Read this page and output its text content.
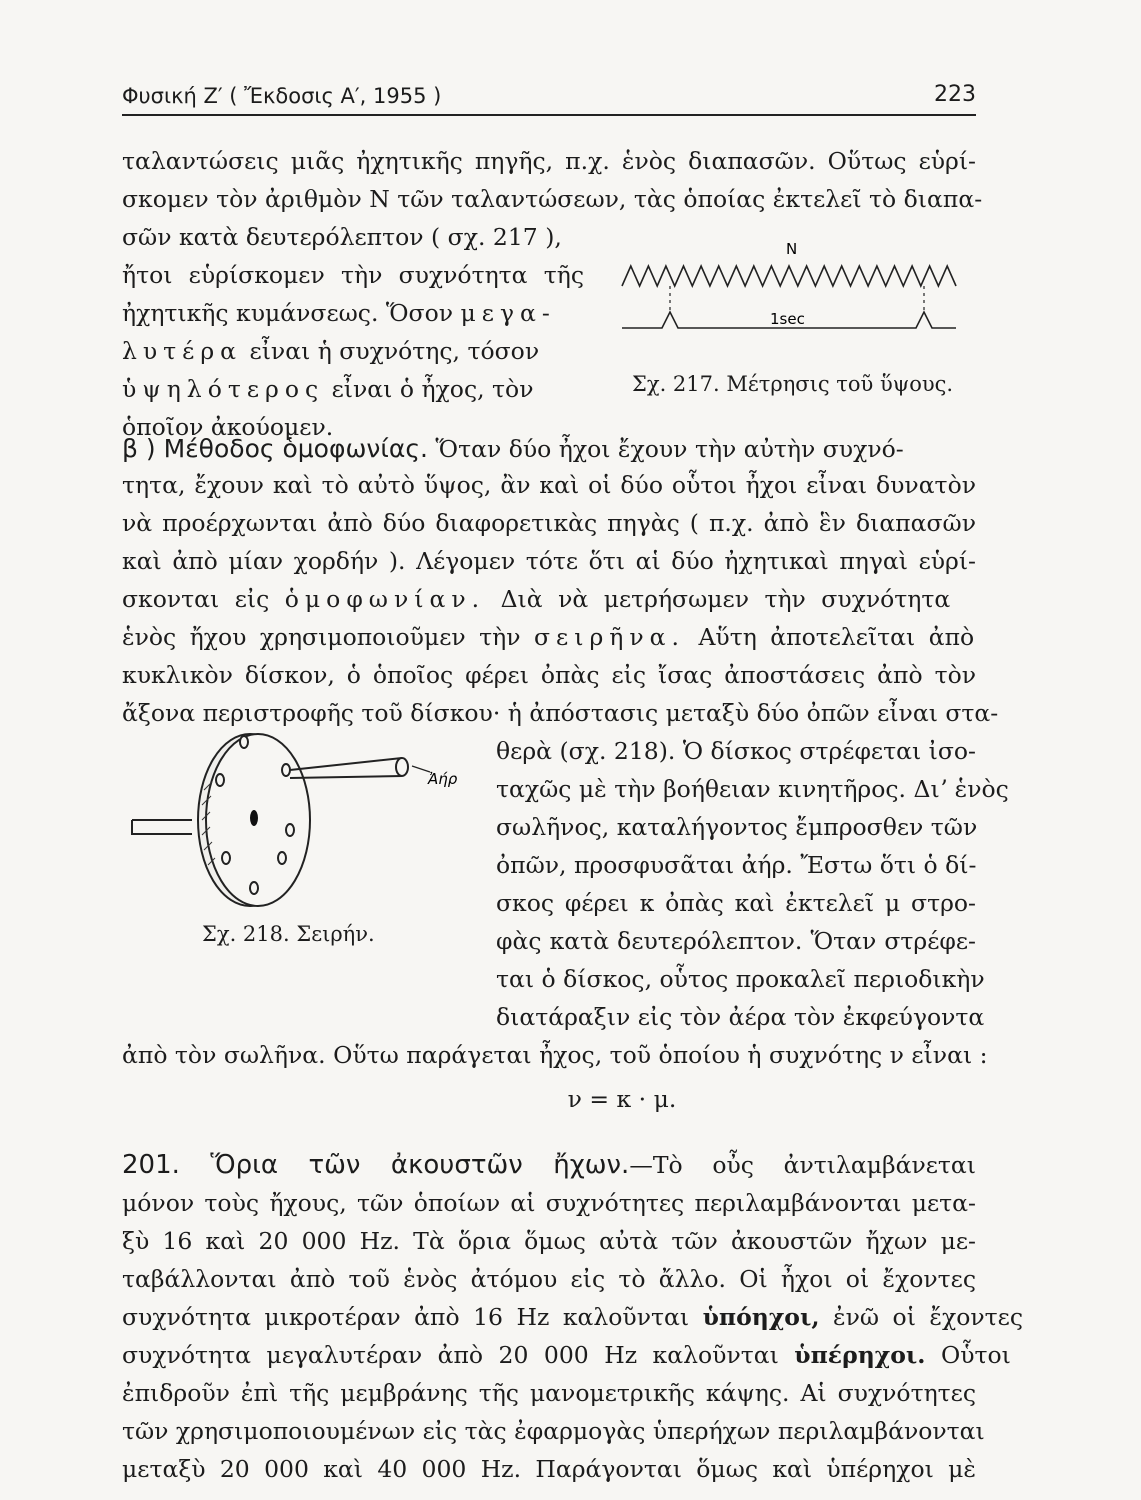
Φυσική Ζ′ ( Ἔκδοσις Α′, 1955 )	223
ταλαντώσεις μιᾶς ἠχητικῆς πηγῆς, π.χ. ἑνὸς διαπασῶν. Οὕτως εὑρί-
σκομεν τὸν ἀριθμὸν N τῶν ταλαντώσεων, τὰς ὁποίας ἐκτελεῖ τὸ διαπα-
σῶν κατὰ δευτερόλεπτον ( σχ. 217 ),
ἤτοι εὑρίσκομεν τὴν συχνότητα τῆς
ἠχητικῆς κυμάνσεως. Ὅσον μεγα-
λυτέρα εἶναι ἡ συχνότης, τόσον
ὑψηλότερος εἶναι ὁ ἦχος, τὸν
ὁποῖον ἀκούομεν.
N
1sec
Σχ. 217. Μέτρησις τοῦ ὕψους.
β ) Μέθοδος ὁμοφωνίας. Ὅταν δύο ἦχοι ἔχουν τὴν αὐτὴν συχνό-
τητα, ἔχουν καὶ τὸ αὐτὸ ὕψος, ἂν καὶ οἱ δύο οὗτοι ἦχοι εἶναι δυνατὸν
νὰ προέρχωνται ἀπὸ δύο διαφορετικὰς πηγὰς ( π.χ. ἀπὸ ἓν διαπασῶν
καὶ ἀπὸ μίαν χορδήν ). Λέγομεν τότε ὅτι αἱ δύο ἠχητικαὶ πηγαὶ εὑρί-
σκονται εἰς ὁμοφωνίαν. Διὰ νὰ μετρήσωμεν τὴν συχνότητα
ἑνὸς ἤχου χρησιμοποιοῦμεν τὴν σειρῆνα. Αὕτη ἀποτελεῖται ἀπὸ
κυκλικὸν δίσκον, ὁ ὁποῖος φέρει ὀπὰς εἰς ἴσας ἀποστάσεις ἀπὸ τὸν
ἄξονα περιστροφῆς τοῦ δίσκου· ἡ ἀπόστασις μεταξὺ δύο ὀπῶν εἶναι στα-
θερὰ (σχ. 218). Ὁ δίσκος στρέφεται ἰσο-
ταχῶς μὲ τὴν βοήθειαν κινητῆρος. Διʼ ἑνὸς
σωλῆνος, καταλήγοντος ἔμπροσθεν τῶν
ὀπῶν, προσφυσᾶται ἀήρ. Ἔστω ὅτι ὁ δί-
σκος φέρει κ ὀπὰς καὶ ἐκτελεῖ μ στρο-
φὰς κατὰ δευτερόλεπτον. Ὅταν στρέφε-
ται ὁ δίσκος, οὗτος προκαλεῖ περιοδικὴν
διατάραξιν εἰς τὸν ἀέρα τὸν ἐκφεύγοντα
ἀπὸ τὸν σωλῆνα. Οὕτω παράγεται ἦχος, τοῦ ὁποίου ἡ συχνότης ν εἶναι :
ν = κ · μ.
Ἀήρ
Σχ. 218. Σειρήν.
201. Ὅρια τῶν ἀκουστῶν ἤχων.—Τὸ οὖς ἀντιλαμβάνεται
μόνον τοὺς ἤχους, τῶν ὁποίων αἱ συχνότητες περιλαμβάνονται μετα-
ξὺ 16 καὶ 20 000 Hz. Τὰ ὅρια ὅμως αὐτὰ τῶν ἀκουστῶν ἤχων με-
ταβάλλονται ἀπὸ τοῦ ἑνὸς ἀτόμου εἰς τὸ ἄλλο. Οἱ ἦχοι οἱ ἔχοντες
συχνότητα μικροτέραν ἀπὸ 16 Hz καλοῦνται ὑπόηχοι, ἐνῶ οἱ ἔχοντες
συχνότητα μεγαλυτέραν ἀπὸ 20 000 Hz καλοῦνται ὑπέρηχοι. Οὗτοι
ἐπιδροῦν ἐπὶ τῆς μεμβράνης τῆς μανομετρικῆς κάψης. Αἱ συχνότητες
τῶν χρησιμοποιουμένων εἰς τὰς ἐφαρμογὰς ὑπερήχων περιλαμβάνονται
μεταξὺ 20 000 καὶ 40 000 Hz. Παράγονται ὅμως καὶ ὑπέρηχοι μὲ
